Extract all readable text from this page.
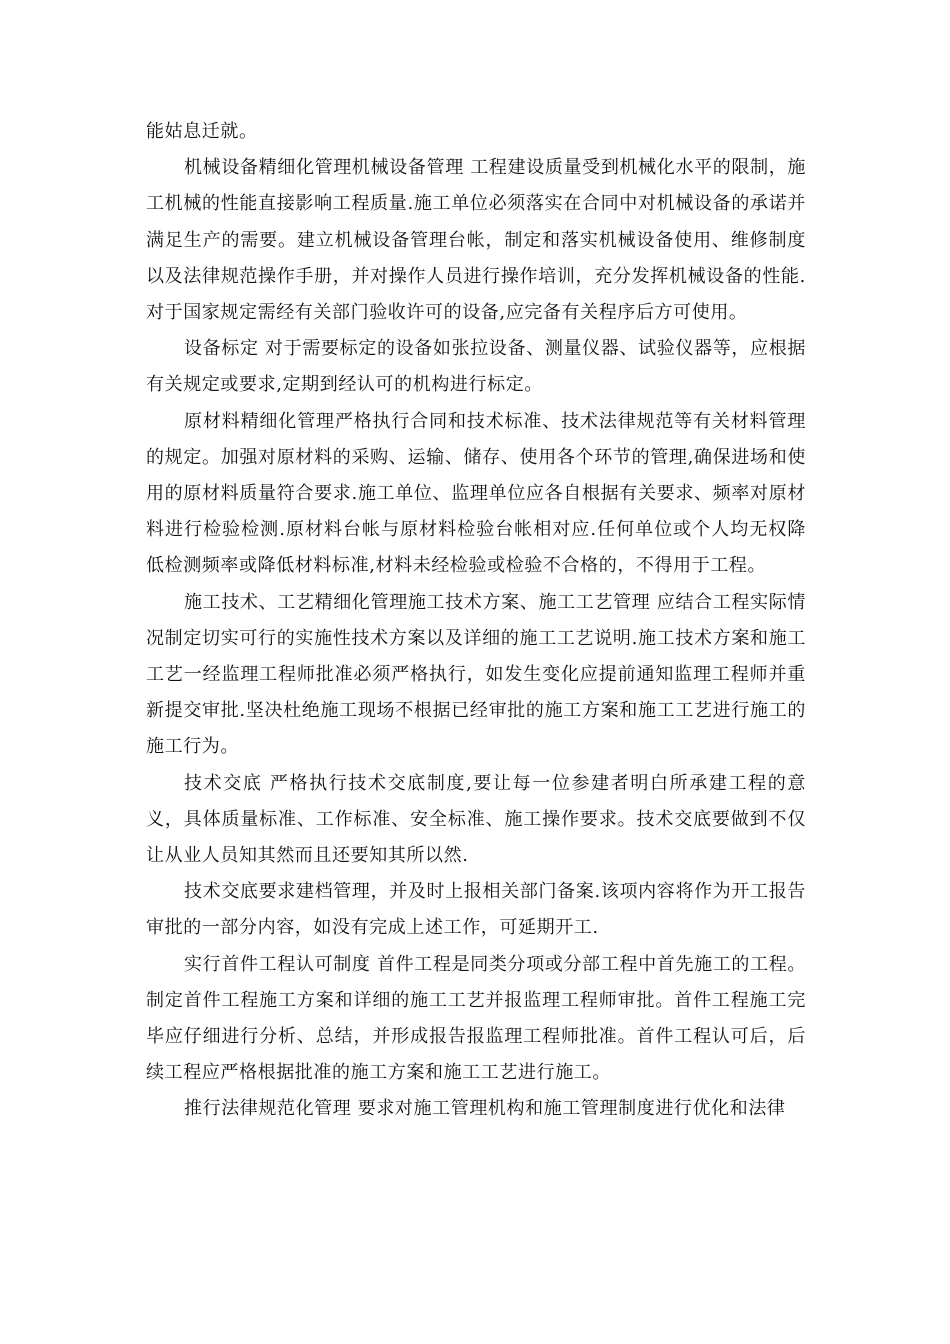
能姑息迁就。

机械设备精细化管理机械设备管理 工程建设质量受到机械化水平的限制，施工机械的性能直接影响工程质量.施工单位必须落实在合同中对机械设备的承诺并满足生产的需要。建立机械设备管理台帐，制定和落实机械设备使用、维修制度以及法律规范操作手册，并对操作人员进行操作培训，充分发挥机械设备的性能.对于国家规定需经有关部门验收许可的设备,应完备有关程序后方可使用。

设备标定 对于需要标定的设备如张拉设备、测量仪器、试验仪器等，应根据有关规定或要求,定期到经认可的机构进行标定。

原材料精细化管理严格执行合同和技术标准、技术法律规范等有关材料管理的规定。加强对原材料的采购、运输、储存、使用各个环节的管理,确保进场和使用的原材料质量符合要求.施工单位、监理单位应各自根据有关要求、频率对原材料进行检验检测.原材料台帐与原材料检验台帐相对应.任何单位或个人均无权降低检测频率或降低材料标准,材料未经检验或检验不合格的，不得用于工程。

施工技术、工艺精细化管理施工技术方案、施工工艺管理 应结合工程实际情况制定切实可行的实施性技术方案以及详细的施工工艺说明.施工技术方案和施工工艺一经监理工程师批准必须严格执行，如发生变化应提前通知监理工程师并重新提交审批.坚决杜绝施工现场不根据已经审批的施工方案和施工工艺进行施工的施工行为。

技术交底 严格执行技术交底制度,要让每一位参建者明白所承建工程的意义，具体质量标准、工作标准、安全标准、施工操作要求。技术交底要做到不仅让从业人员知其然而且还要知其所以然.

技术交底要求建档管理，并及时上报相关部门备案.该项内容将作为开工报告审批的一部分内容，如没有完成上述工作，可延期开工.

实行首件工程认可制度 首件工程是同类分项或分部工程中首先施工的工程。制定首件工程施工方案和详细的施工工艺并报监理工程师审批。首件工程施工完毕应仔细进行分析、总结，并形成报告报监理工程师批准。首件工程认可后，后续工程应严格根据批准的施工方案和施工工艺进行施工。

推行法律规范化管理 要求对施工管理机构和施工管理制度进行优化和法律
